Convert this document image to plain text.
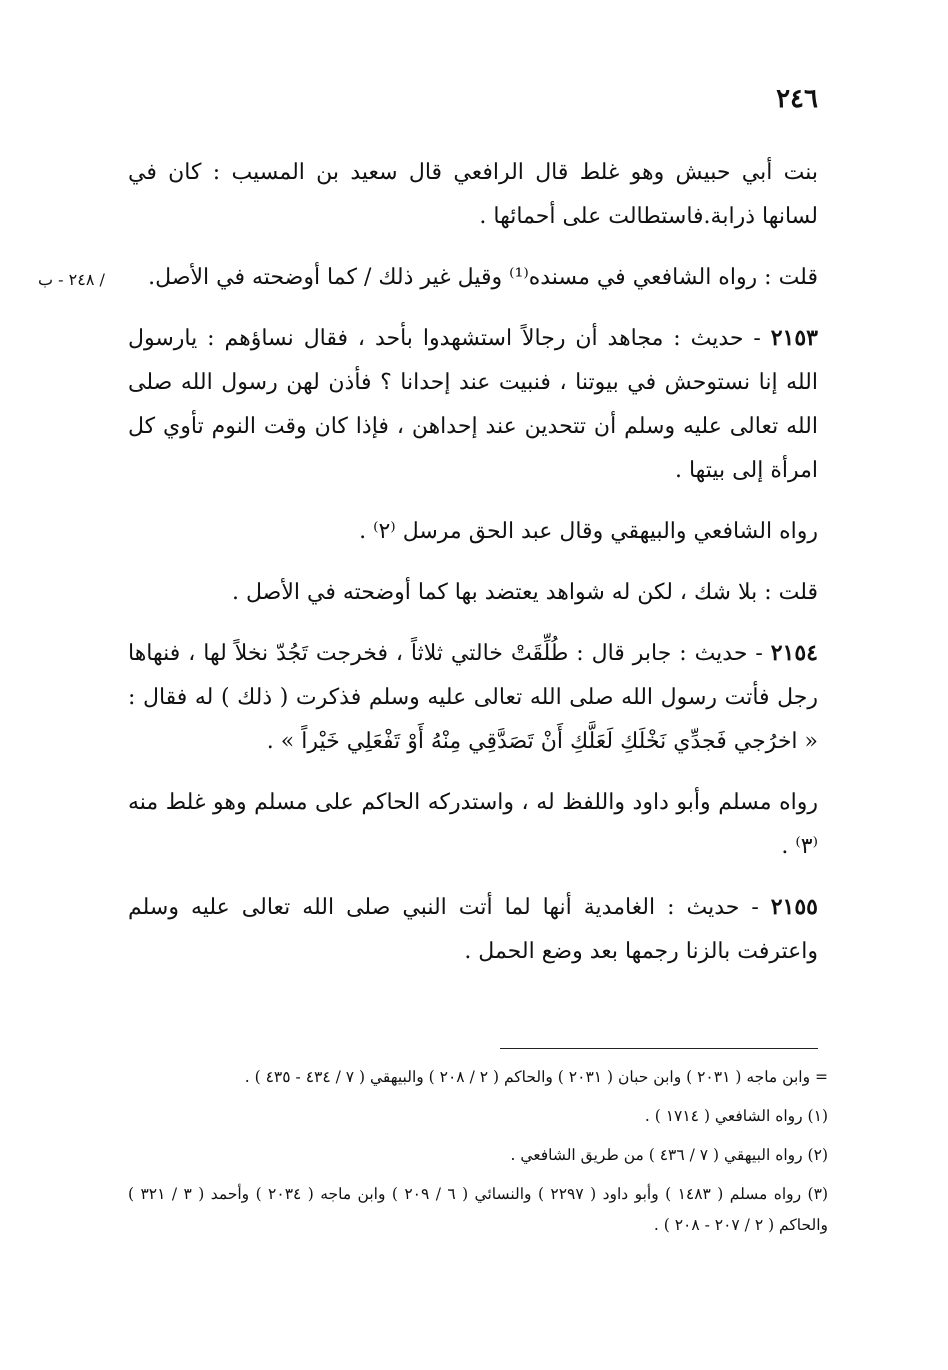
٢٤٦
/ ٢٤٨ - ب

بنت أبي حبيش وهو غلط قال الرافعي قال سعيد بن المسيب : كان في لسانها ذرابة.فاستطالت على أحمائها .

قلت : رواه الشافعي في مسنده⁽¹⁾ وقيل غير ذلك / كما أوضحته في الأصل.

٢١٥٣ - حديث : مجاهد أن رجالاً استشهدوا بأحد ، فقال نساؤهم : يارسول الله إنا نستوحش في بيوتنا ، فنبيت عند إحدانا ؟ فأذن لهن رسول الله صلى الله تعالى عليه وسلم أن تتحدين عند إحداهن ، فإذا كان وقت النوم تأوي كل امرأة إلى بيتها .

رواه الشافعي والبيهقي وقال عبد الحق مرسل ⁽٢⁾ .

قلت : بلا شك ، لكن له شواهد يعتضد بها كما أوضحته في الأصل .

٢١٥٤ - حديث : جابر قال : طُلِّقَتْ خالتي ثلاثاً ، فخرجت تَجُدّ نخلاً لها ، فنهاها رجل فأتت رسول الله صلى الله تعالى عليه وسلم فذكرت ( ذلك ) له فقال : « اخرُجي فَجدِّي نَخْلَكِ لَعَلَّكِ أَنْ تَصَدَّقِي مِنْهُ أَوْ تَفْعَلِي خَيْراً » .

رواه مسلم وأبو داود واللفظ له ، واستدركه الحاكم على مسلم وهو غلط منه ⁽٣⁾ .

٢١٥٥ - حديث : الغامدية أنها لما أتت النبي صلى الله تعالى عليه وسلم واعترفت بالزنا رجمها بعد وضع الحمل .

= وابن ماجه ( ٢٠٣١ ) وابن حبان ( ٢٠٣١ ) والحاكم ( ٢ / ٢٠٨ ) والبيهقي ( ٧ / ٤٣٤ - ٤٣٥ ) .

(١) رواه الشافعي ( ١٧١٤ ) .

(٢) رواه البيهقي ( ٧ / ٤٣٦ ) من طريق الشافعي .

(٣) رواه مسلم ( ١٤٨٣ ) وأبو داود ( ٢٢٩٧ ) والنسائي ( ٦ / ٢٠٩ ) وابن ماجه ( ٢٠٣٤ ) وأحمد ( ٣ / ٣٢١ ) والحاكم ( ٢ / ٢٠٧ - ٢٠٨ ) .
